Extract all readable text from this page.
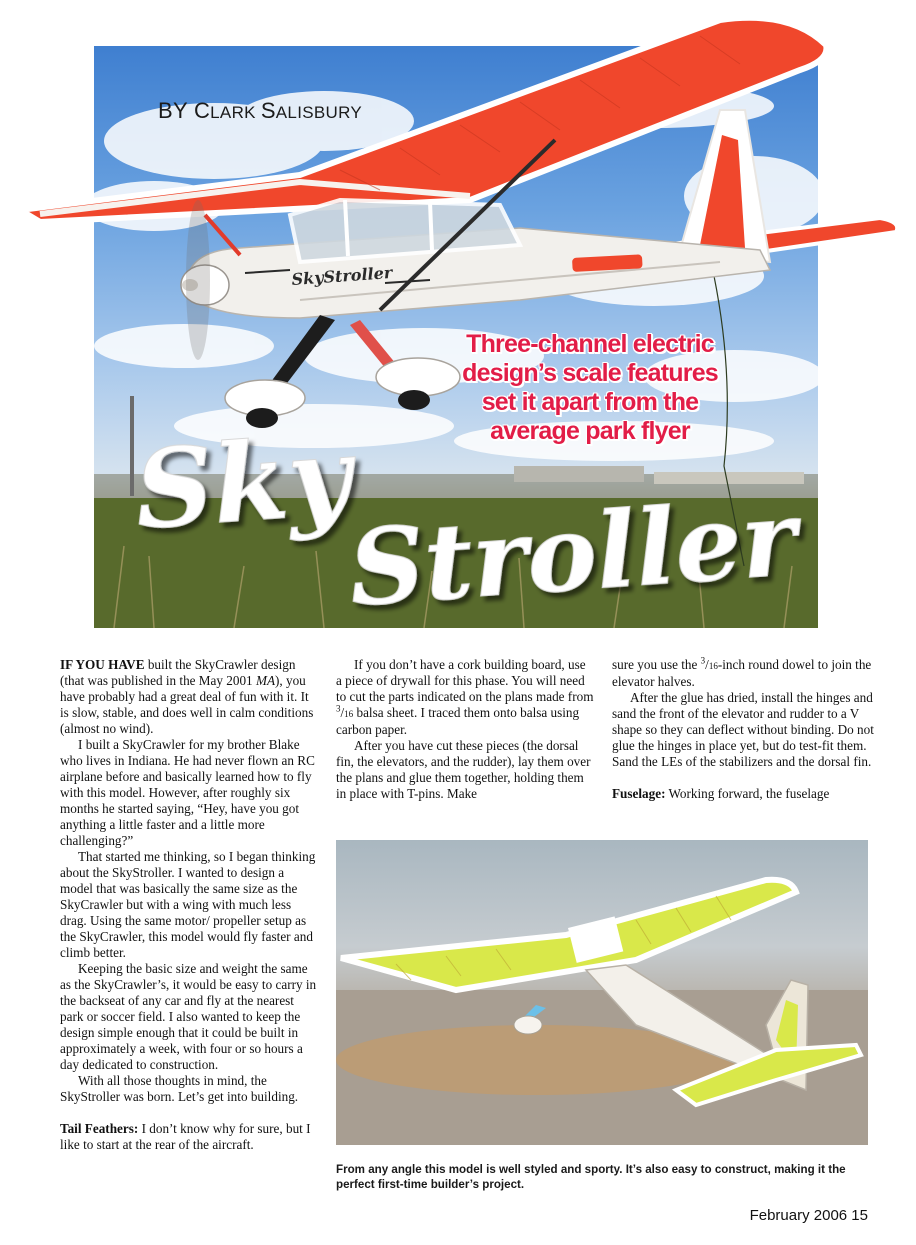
SkyStroller
BY CLARK SALISBURY
Three-channel electric
design’s scale features
set it apart from the
average park flyer
Sky
Stroller

IF YOU HAVE built the SkyCrawler design (that was published in the May 2001 MA), you have probably had a great deal of fun with it. It is slow, stable, and does well in calm conditions (almost no wind).

I built a SkyCrawler for my brother Blake who lives in Indiana. He had never flown an RC airplane before and basically learned how to fly with this model. However, after roughly six months he started saying, “Hey, have you got anything a little faster and a little more challenging?”

That started me thinking, so I began thinking about the SkyStroller. I wanted to design a model that was basically the same size as the SkyCrawler but with a wing with much less drag. Using the same motor/ propeller setup as the SkyCrawler, this model would fly faster and climb better.

Keeping the basic size and weight the same as the SkyCrawler’s, it would be easy to carry in the backseat of any car and fly at the nearest park or soccer field. I also wanted to keep the design simple enough that it could be built in approximately a week, with four or so hours a day dedicated to construction.

With all those thoughts in mind, the SkyStroller was born. Let’s get into building.

Tail Feathers: I don’t know why for sure, but I like to start at the rear of the aircraft.

If you don’t have a cork building board, use a piece of drywall for this phase. You will need to cut the parts indicated on the plans made from $^3$/16 balsa sheet. I traced them onto balsa using carbon paper.

After you have cut these pieces (the dorsal fin, the elevators, and the rudder), lay them over the plans and glue them together, holding them in place with T-pins. Make

sure you use the $^3$/16-inch round dowel to join the elevator halves.

After the glue has dried, install the hinges and sand the front of the elevator and rudder to a V shape so they can deflect without binding. Do not glue the hinges in place yet, but do test-fit them. Sand the LEs of the stabilizers and the dorsal fin.

Fuselage: Working forward, the fuselage

From any angle this model is well styled and sporty. It’s also easy to construct, making it the perfect first-time builder’s project.
February 2006 15
